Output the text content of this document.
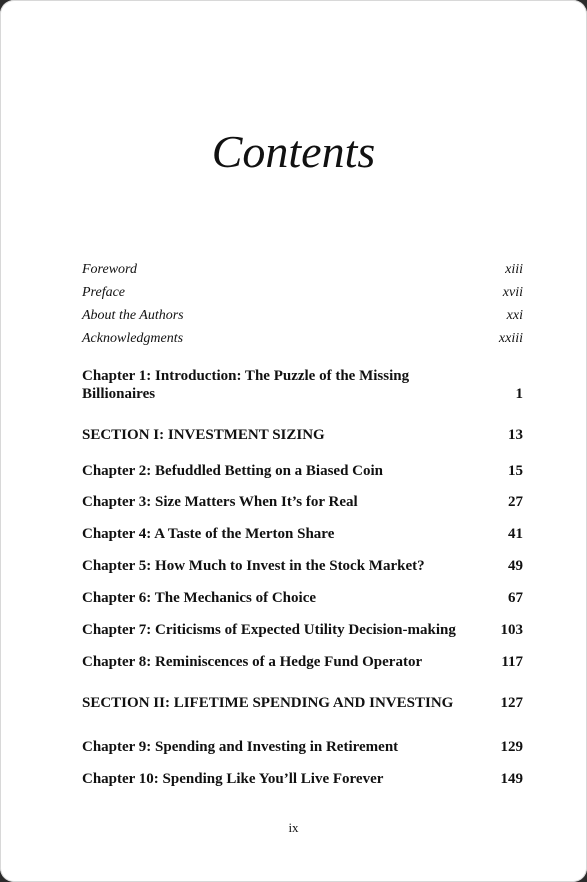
Contents
Foreword	xiii
Preface	xvii
About the Authors	xxi
Acknowledgments	xxiii
Chapter 1: Introduction: The Puzzle of the Missing Billionaires	1
SECTION I: INVESTMENT SIZING	13
Chapter 2: Befuddled Betting on a Biased Coin	15
Chapter 3: Size Matters When It’s for Real	27
Chapter 4: A Taste of the Merton Share	41
Chapter 5: How Much to Invest in the Stock Market?	49
Chapter 6: The Mechanics of Choice	67
Chapter 7: Criticisms of Expected Utility Decision-making	103
Chapter 8: Reminiscences of a Hedge Fund Operator	117
SECTION II: LIFETIME SPENDING AND INVESTING	127
Chapter 9: Spending and Investing in Retirement	129
Chapter 10: Spending Like You’ll Live Forever	149
ix
